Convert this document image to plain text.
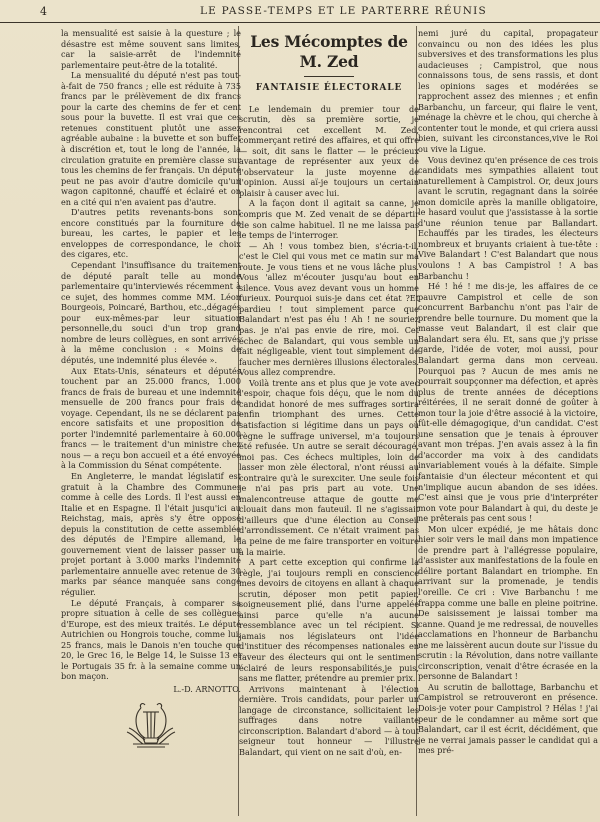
4	LE PASSE-TEMPS ET LE PARTERRE RÉUNIS

la mensualité est saisie à la questure ; le désastre est même souvent sans limites, car la saisie-arrêt de l'indemnité parlementaire peut-être de la totalité.

La mensualité du député n'est pas tout-à-fait de 750 francs ; elle est réduite à 735 francs par le prélèvement de dix francs pour la carte des chemins de fer et cent sous pour la buvette. Il est vrai que ces retenues constituent plutôt une assez agréable aubaine : la buvette et son buffet à discrétion et, tout le long de l'année, la circulation gratuite en première classe sur tous les chemins de fer français. Un député peut ne pas avoir d'autre domicile qu'un wagon capitonné, chauffé et éclairé et on en a cité qui n'en avaient pas d'autre.

D'autres petits revenants-bons sont encore constitués par la fourniture de bureau, les cartes, le papier et les enveloppes de correspondance, le choix des cigares, etc.

Cependant l'insuffisance du traitement de député paraît telle au monde parlementaire qu'interviewés récemment à ce sujet, des hommes comme MM. Léon Bourgeois, Poincaré, Barthou, etc.,dégagés pour eux-mêmes-par leur situation personnelle,du souci d'un trop grand nombre de leurs collègues, en sont arrivés à la même conclusion : « Moins de députés, une indemnité plus élevée ».

Aux Etats-Unis, sénateurs et députés touchent par an 25.000 francs, 1.000 francs de frais de bureau et une indemnité mensuelle de 200 francs pour frais de voyage. Cependant, ils ne se déclarent pas encore satisfaits et une proposition de porter l'indemnité parlementaire à 60.000 francs — le traitement d'un ministre chez nous — a reçu bon accueil et a été envoyée à la Commission du Sénat compétente.

En Angleterre, le mandat législatif est gratuit à la Chambre des Communes comme à celle des Lords. Il l'est aussi en Italie et en Espagne. Il l'était jusqu'ici au Reichstag, mais, après s'y être opposé depuis la constitution de cette assemblée des députés de l'Empire allemand, le gouvernement vient de laisser passer un projet portant à 3.000 marks l'indemnité parlementaire annuelle avec retenue de 30 marks par séance manquée sans congé régulier.

Le député Français, à comparer sa propre situation à celle de ses collègues d'Europe, est des mieux traités. Le député Autrichien ou Hongrois touche, comme lui, 25 francs, mais le Danois n'en touche que 20, le Grec 16, le Belge 14, le Suisse 13 et le Portugais 35 fr. à la semaine comme un bon maçon.

L.-D. ARNOTTO.
Les Mécomptes de M. Zed
FANTAISIE ÉLECTORALE

Le lendemain du premier tour de scrutin, dès sa première sortie, je rencontrai cet excellent M. Zed, commerçant retiré des affaires, et qui offre — soit, dit sans le flatter — le précieux avantage de représenter aux yeux de l'observateur la juste moyenne de l'opinion. Aussi aï-je toujours un certain plaisir à causer avec lui.

A la façon dont il agitait sa canne, je compris que M. Zed venait de se départir de son calme habituel. Il ne me laissa pas le temps de l'interroger.

— Ah ! vous tombez bien, s'écria-t-il, c'est le Ciel qui vous met ce matin sur ma route. Je vous tiens et ne vous lâche plus. Vous 'allez m'écouter jusqu'au bout en silence. Vous avez devant vous un homme furieux. Pourquoi suis-je dans cet état ?Et pardieu ! tout simplement parce que Balandart n'est pas élu ! Ah ! ne souriez pas. je n'ai pas envie de rire, moi. Cet échec de Balandart, qui vous semble un fait négligeable, vient tout simplement de faucher mes dernières illusions électorales. Vous allez comprendre.

Voilà trente ans et plus que je vote avec l'espoir, chaque fois déçu, que le nom du candidat honoré de mes suffrages sortira enfin triomphant des urnes. Cette satisfaction si légitime dans un pays où règne le suffrage universel, m'a toujours été refusée. Un autre se serait découragé, moi pas. Ces échecs multiples, loin de lasser mon zèle électoral, n'ont réussi au contraire qu'à le surexciter. Une seule fois je n'ai pas pris part au vote. Une malencontreuse attaque de goutte me clouait dans mon fauteuil. Il ne s'agissait d'ailleurs que d'une élection au Conseil d'arrondissement. Ce n'était vraiment pas la peine de me faire transporter en voiture à la mairie.

A part cette exception qui confirme la règle, j'ai toujours rempli en conscience mes devoirs de citoyens en allant à chaque scrutin, déposer mon petit papier, soigneusement plié, dans l'urne appelée ainsi parce qu'elle n'a aucune ressemblance avec un tel récipient. Si jamais nos législateurs ont l'idée d'instituer des récompenses nationales en faveur des électeurs qui ont le sentiment éclairé de leurs responsabilités,je puis, sans me flatter, prétendre au premier prix.

Arrivons maintenant à l'élection dernière. Trois candidats, pour parler un langage de circonstance, sollicitaient les suffrages dans notre vaillante circonscription. Balandart d'abord — à tout seigneur tout honneur — l'illustre Balandart, qui vient on ne sait d'où, en-

nemi juré du capital, propagateur convaincu ou non des idées les plus subversives et des transformations les plus audacieuses ; Campistrol, que nous connaissons tous, de sens rassis, et dont les opinions sages et modérées se rapprochent assez des miennes ; et enfin Barbanchu, un farceur, qui flaire le vent, ménage la chèvre et le chou, qui cherche à contenter tout le monde, et qui criera aussi bien, suivant les circonstances,vive le Roi ou vive la Ligue.

Vous devinez qu'en présence de ces trois candidats mes sympathies allaient tout naturellement à Campistrol. Or, deux jours avant le scrutin, regagnant dans la soirée mon domicile après la manille obligatoire, le hasard voulut que j'assistasse à la sortie d'une réunion tenue par Ballandart. Echauffés par les tirades, les électeurs nombreux et bruyants criaient à tue-tête : Vive Balandart ! C'est Balandart que nous voulons ! A bas Campistrol ! A bas Barbanchu !

Hé ! hé ! me dis-je, les affaires de ce pauvre Campistrol et celle de son concurrent Barbanchu n'ont pas l'air de prendre belle tournure. Du moment que la masse veut Balandart, il est clair que Balandart sera élu. Et, sans que j'y prisse garde, l'idée de voter, moi aussi, pour Balandart germa dans mon cerveau. Pourquoi pas ? Aucun de mes amis ne pourrait soupçonner ma défection, et après plus de trente années de déceptions réitérées, il ne serait donné de goûter à mon tour la joie d'être associé à la victoire, fût-elle démagogique, d'un candidat. C'est une sensation que je tenais à éprouver avant mon trépas. J'en avais assez à la fin d'accorder ma voix à des candidats invariablement voués à la défaite. Simple fantaisie d'un électeur mécontent et qui n'implique aucun abandon de ses idées. C'est ainsi que je vous prie d'interpréter mon vote pour Balandart à qui, du deste je ne prêterais pas cent sous !

Mon ulcer expédié, je me hâtais donc hier soir vers le mail dans mon impatience de prendre part à l'allégresse populaire, d'assister aux manifestations de la foule en délire portant Balandart en triomphe. En arrivant sur la promenade, je tendis l'oreille. Ce cri : Vive Barbanchu ! me frappa comme une balle en pleine poitrine. De saisissement je laissai tomber ma canne. Quand je me redressai, de nouvelles acclamations en l'honneur de Barbanchu ne me laissèrent aucun doute sur l'issue du scrutin : la Révolution, dans notre vaillante circonscription, venait d'être écrasée en la personne de Balandart !

Au scrutin de ballottage, Barbanchu et Campistrol se retrouveront en présence. Dois-je voter pour Campistrol ? Hélas ! j'ai peur de le condamner au même sort que Balandart, car il est écrit, décidément, que je ne verrai jamais passer le candidat qui a mes pré-
